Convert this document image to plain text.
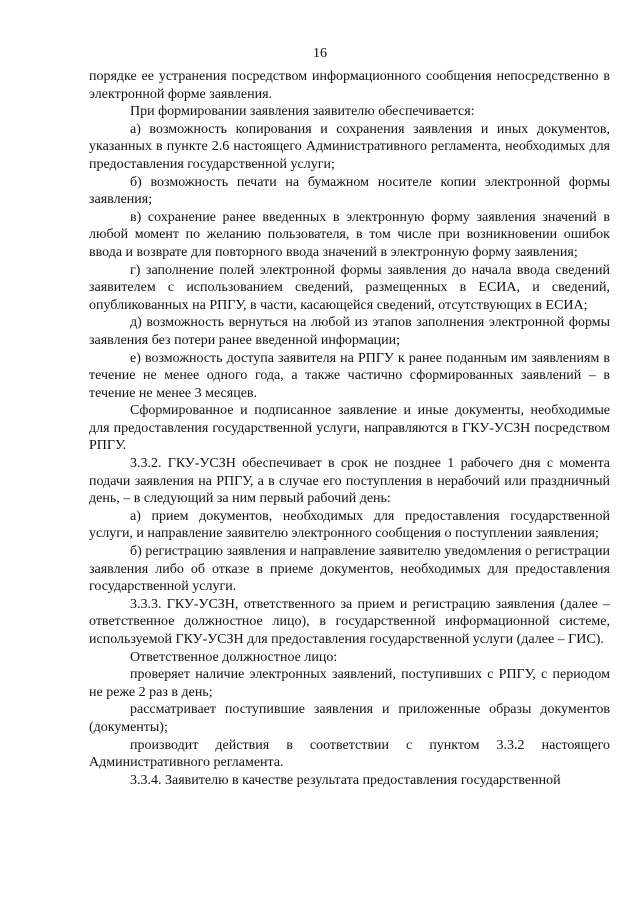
16

порядке ее устранения посредством информационного сообщения непосредственно в электронной форме заявления.

При формировании заявления заявителю обеспечивается:

а) возможность копирования и сохранения заявления и иных документов, указанных в пункте 2.6 настоящего Административного регламента, необходимых для предоставления государственной услуги;

б) возможность печати на бумажном носителе копии электронной формы заявления;

в) сохранение ранее введенных в электронную форму заявления значений в любой момент по желанию пользователя, в том числе при возникновении ошибок ввода и возврате для повторного ввода значений в электронную форму заявления;

г) заполнение полей электронной формы заявления до начала ввода сведений заявителем с использованием сведений, размещенных в ЕСИА, и сведений, опубликованных на РПГУ, в части, касающейся сведений, отсутствующих в ЕСИА;

д) возможность вернуться на любой из этапов заполнения электронной формы заявления без потери ранее введенной информации;

е) возможность доступа заявителя на РПГУ к ранее поданным им заявлениям в течение не менее одного года, а также частично сформированных заявлений – в течение не менее 3 месяцев.

Сформированное и подписанное заявление и иные документы, необходимые для предоставления государственной услуги, направляются в ГКУ-УСЗН посредством РПГУ.

3.3.2. ГКУ-УСЗН обеспечивает в срок не позднее 1 рабочего дня с момента подачи заявления на РПГУ, а в случае его поступления в нерабочий или праздничный день, – в следующий за ним первый рабочий день:

а) прием документов, необходимых для предоставления государственной услуги, и направление заявителю электронного сообщения о поступлении заявления;

б) регистрацию заявления и направление заявителю уведомления о регистрации заявления либо об отказе в приеме документов, необходимых для предоставления государственной услуги.

3.3.3. ГКУ-УСЗН, ответственного за прием и регистрацию заявления (далее – ответственное должностное лицо), в государственной информационной системе, используемой ГКУ-УСЗН для предоставления государственной услуги (далее – ГИС).

Ответственное должностное лицо:

проверяет наличие электронных заявлений, поступивших с РПГУ, с периодом не реже 2 раз в день;

рассматривает поступившие заявления и приложенные образы документов (документы);

производит действия в соответствии с пунктом 3.3.2 настоящего Административного регламента.

3.3.4. Заявителю в качестве результата предоставления государственной
